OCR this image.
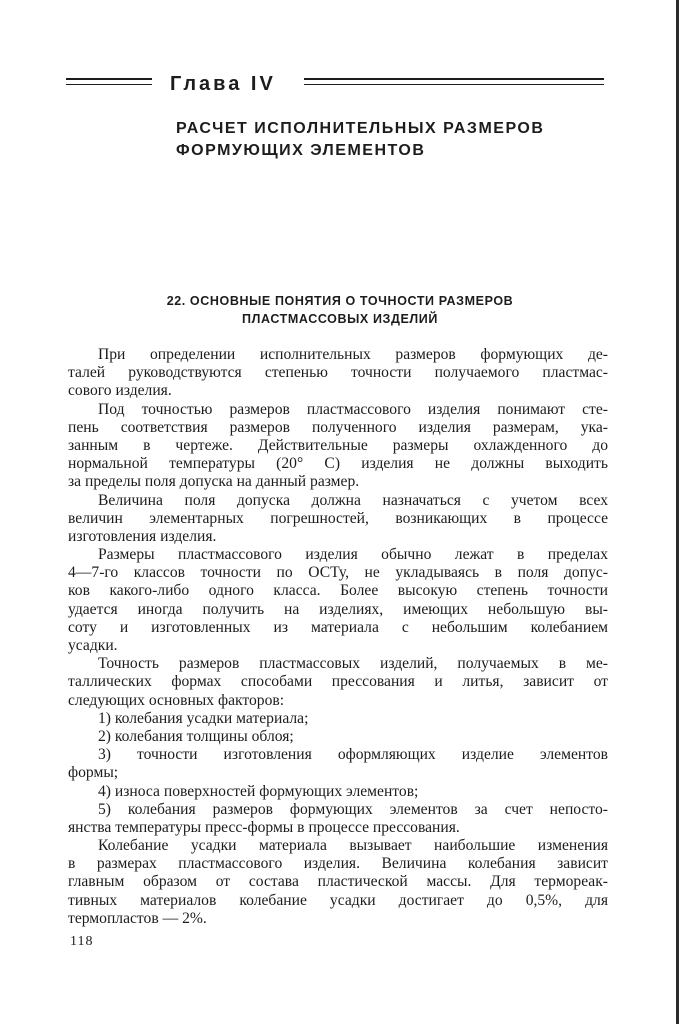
Глава IV
РАСЧЕТ ИСПОЛНИТЕЛЬНЫХ РАЗМЕРОВ
ФОРМУЮЩИХ ЭЛЕМЕНТОВ
22. ОСНОВНЫЕ ПОНЯТИЯ О ТОЧНОСТИ РАЗМЕРОВ
ПЛАСТМАССОВЫХ ИЗДЕЛИЙ
При определении исполнительных размеров формующих де-
талей руководствуются степенью точности получаемого пластмас-
сового изделия.
Под точностью размеров пластмассового изделия понимают сте-
пень соответствия размеров полученного изделия размерам, ука-
занным в чертеже. Действительные размеры охлажденного до
нормальной температуры (20° С) изделия не должны выходить
за пределы поля допуска на данный размер.
Величина поля допуска должна назначаться с учетом всех
величин элементарных погрешностей, возникающих в процессе
изготовления изделия.
Размеры пластмассового изделия обычно лежат в пределах
4—7-го классов точности по ОСТу, не укладываясь в поля допус-
ков какого-либо одного класса. Более высокую степень точности
удается иногда получить на изделиях, имеющих небольшую вы-
соту и изготовленных из материала с небольшим колебанием
усадки.
Точность размеров пластмассовых изделий, получаемых в ме-
таллических формах способами прессования и литья, зависит от
следующих основных факторов:
1) колебания усадки материала;
2) колебания толщины облоя;
3) точности изготовления оформляющих изделие элементов
формы;
4) износа поверхностей формующих элементов;
5) колебания размеров формующих элементов за счет непосто-
янства температуры пресс-формы в процессе прессования.
Колебание усадки материала вызывает наибольшие изменения
в размерах пластмассового изделия. Величина колебания зависит
главным образом от состава пластической массы. Для термореак-
тивных материалов колебание усадки достигает до 0,5%, для
термопластов — 2%.
118
